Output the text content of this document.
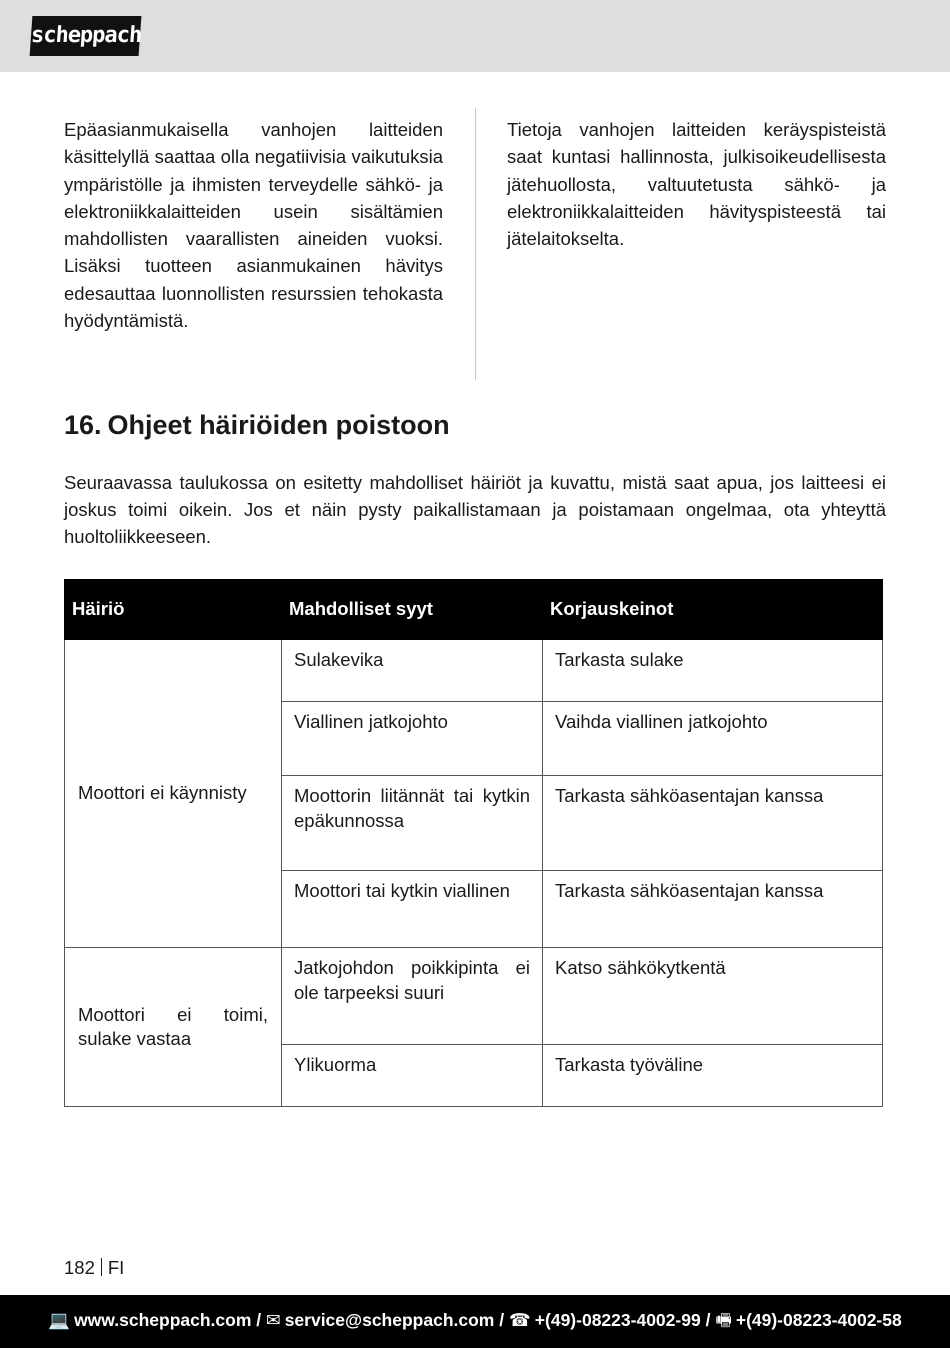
scheppach
Epäasianmukaisella vanhojen laitteiden käsittelyllä saattaa olla negatiivisia vaikutuksia ympäristölle ja ihmisten terveydelle sähkö- ja elektroniikkalaitteiden usein sisältämien mahdollisten vaarallisten aineiden vuoksi. Lisäksi tuotteen asianmukainen hävitys edesauttaa luonnollisten resurssien tehokasta hyödyntämistä.
Tietoja vanhojen laitteiden keräyspisteistä saat kuntasi hallinnosta, julkisoikeudellisesta jätehuollosta, valtuutetusta sähkö- ja elektroniikkalaitteiden hävityspisteestä tai jätelaitokselta.
16. Ohjeet häiriöiden poistoon
Seuraavassa taulukossa on esitetty mahdolliset häiriöt ja kuvattu, mistä saat apua, jos laitteesi ei joskus toimi oikein. Jos et näin pysty paikallistamaan ja poistamaan ongelmaa, ota yhteyttä huoltoliikkeeseen.
Häiriö	Mahdolliset syyt	Korjauskeinot
Moottori ei käynnisty	Sulakevika	Tarkasta sulake
	Viallinen jatkojohto	Vaihda viallinen jatkojohto
	Moottorin liitännät tai kytkin epäkunnossa	Tarkasta sähköasentajan kanssa
	Moottori tai kytkin viallinen	Tarkasta sähköasentajan kanssa
Moottori ei toimi, sulake vastaa	Jatkojohdon poikkipinta ei ole tarpeeksi suuri	Katso sähkökytkentä
	Ylikuorma	Tarkasta työväline
182 FI
💻 www.scheppach.com
/
✉ service@scheppach.com
/
☎ +(49)-08223-4002-99
/
🖷 +(49)-08223-4002-58
